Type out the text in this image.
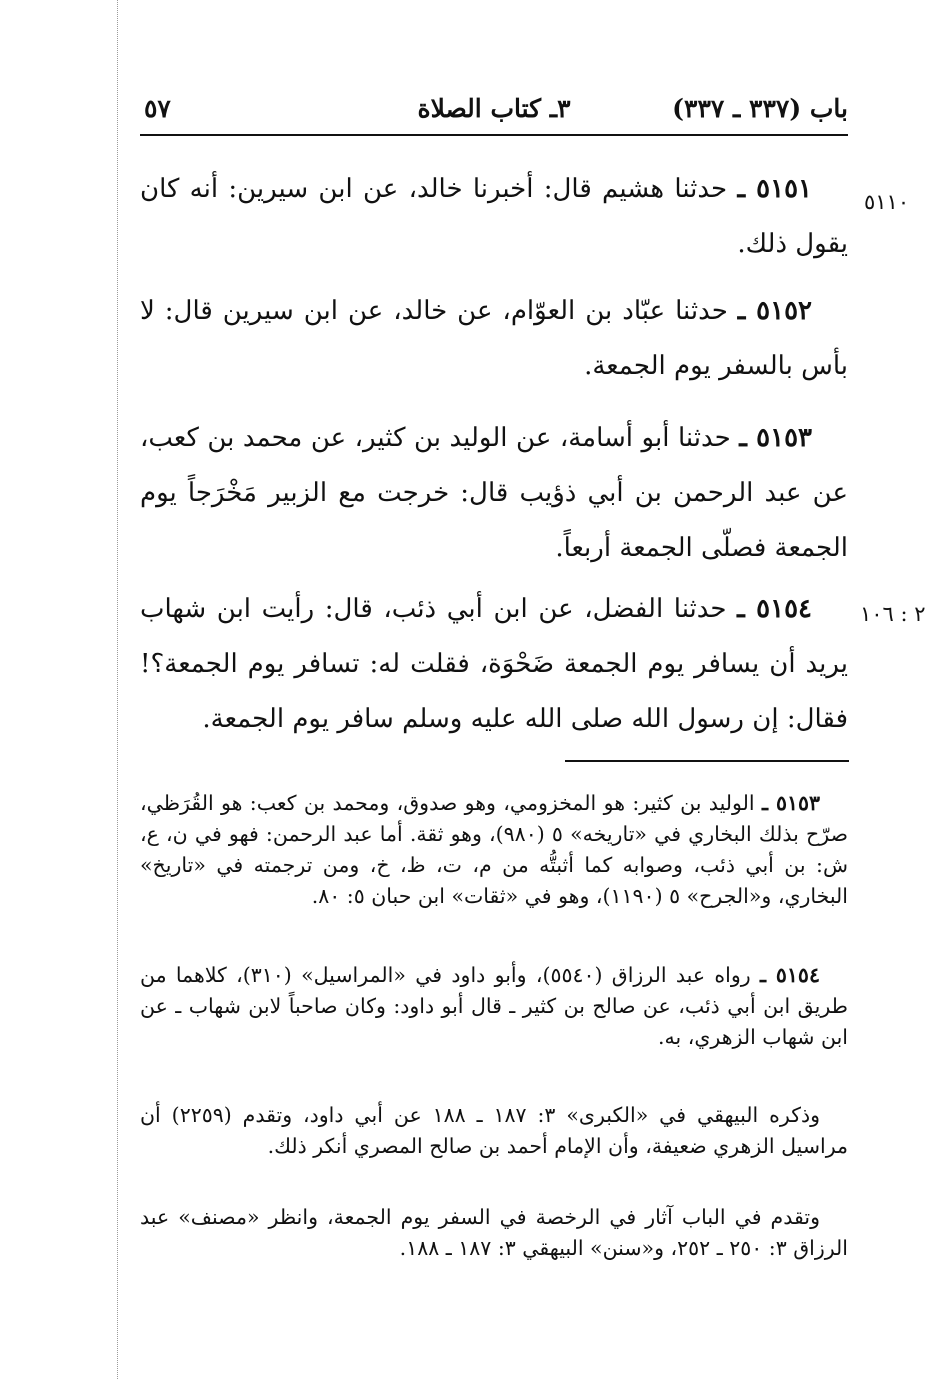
باب (٣٣٧ ـ ٣٣٧)
٣ـ كتاب الصلاة
٥٧
٥١١٠
٢ : ١٠٦
٥١٥١ ـ حدثنا هشيم قال: أخبرنا خالد، عن ابن سيرين: أنه كان يقول ذلك.
٥١٥٢ ـ حدثنا عبّاد بن العوّام، عن خالد، عن ابن سيرين قال: لا بأس بالسفر يوم الجمعة.
٥١٥٣ ـ حدثنا أبو أسامة، عن الوليد بن كثير، عن محمد بن كعب، عن عبد الرحمن بن أبي ذؤيب قال: خرجت مع الزبير مَخْرَجاً يوم الجمعة فصلّى الجمعة أربعاً.
٥١٥٤ ـ حدثنا الفضل، عن ابن أبي ذئب، قال: رأيت ابن شهاب يريد أن يسافر يوم الجمعة ضَحْوَة، فقلت له: تسافر يوم الجمعة؟! فقال: إن رسول الله صلى الله عليه وسلم سافر يوم الجمعة.
٥١٥٣ ـ الوليد بن كثير: هو المخزومي، وهو صدوق، ومحمد بن كعب: هو القُرَظي، صرّح بذلك البخاري في «تاريخه» ٥ (٩٨٠)، وهو ثقة. أما عبد الرحمن: فهو في ن، ع، ش: بن أبي ذئب، وصوابه كما أثبتُّه من م، ت، ظ، خ، ومن ترجمته في «تاريخ» البخاري، و«الجرح» ٥ (١١٩٠)، وهو في «ثقات» ابن حبان ٥: ٨٠.
٥١٥٤ ـ رواه عبد الرزاق (٥٥٤٠)، وأبو داود في «المراسيل» (٣١٠)، كلاهما من طريق ابن أبي ذئب، عن صالح بن كثير ـ قال أبو داود: وكان صاحباً لابن شهاب ـ عن ابن شهاب الزهري، به.
وذكره البيهقي في «الكبرى» ٣: ١٨٧ ـ ١٨٨ عن أبي داود، وتقدم (٢٢٥٩) أن مراسيل الزهري ضعيفة، وأن الإمام أحمد بن صالح المصري أنكر ذلك.
وتقدم في الباب آثار في الرخصة في السفر يوم الجمعة، وانظر «مصنف» عبد الرزاق ٣: ٢٥٠ ـ ٢٥٢، و«سنن» البيهقي ٣: ١٨٧ ـ ١٨٨.
